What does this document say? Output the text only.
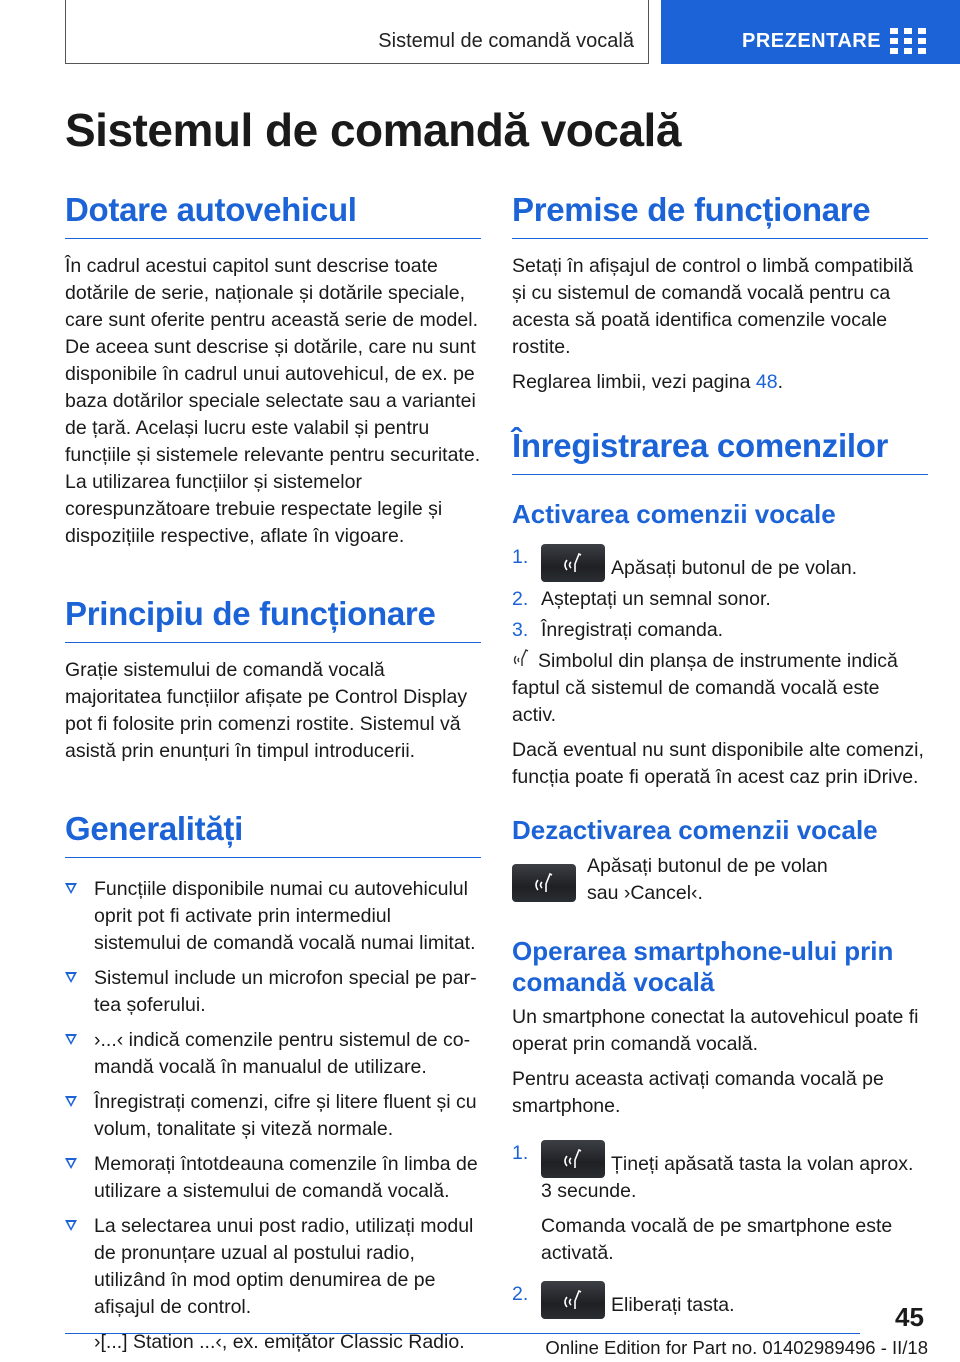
Sistemul de comandă vocală	PREZENTARE
Sistemul de comandă vocală
Dotare autovehicul

În cadrul acestui capitol sunt descrise toate dotările de serie, naționale și dotările speciale, care sunt oferite pentru această serie de model. De aceea sunt descrise și dotările, care nu sunt disponibile în cadrul unui autovehicul, de ex. pe baza dotărilor speciale selectate sau a variantei de țară. Același lucru este valabil și pentru funcțiile și sistemele relevante pentru securitate. La utilizarea funcțiilor și sistemelor corespunzătoare trebuie respectate legile și dispozițiile respective, aflate în vigoare.

Principiu de funcționare

Grație sistemului de comandă vocală majoritatea funcțiilor afișate pe Control Display pot fi folosite prin comenzi rostite. Sistemul vă asistă prin enunțuri în timpul introducerii.

Generalități
Funcțiile disponibile numai cu autovehiculul oprit pot fi activate prin intermediul sistemului de comandă vocală numai limitat.
Sistemul include un microfon special pe partea șoferului.
›...‹ indică comenzile pentru sistemul de comandă vocală în manualul de utilizare.
Înregistrați comenzi, cifre și litere fluent și cu volum, tonalitate și viteză normale.
Memorați întotdeauna comenzile în limba de utilizare a sistemului de comandă vocală.
La selectarea unui post radio, utilizați modul de pronunțare uzual al postului radio, utilizând în mod optim denumirea de pe afișajul de control.
›[...] Station ...‹, ex. emițător Classic Radio.
Premise de funcționare

Setați în afișajul de control o limbă compatibilă și cu sistemul de comandă vocală pentru ca acesta să poată identifica comenzile vocale rostite.

Reglarea limbii, vezi pagina 48.

Înregistrarea comenzilor
Activarea comenzii vocale
1.	Apăsați butonul de pe volan.
2. Așteptați un semnal sonor.
3. Înregistrați comanda.

Simbolul din planșa de instrumente indică faptul că sistemul de comandă vocală este activ.

Dacă eventual nu sunt disponibile alte comenzi, funcția poate fi operată în acest caz prin iDrive.

Dezactivarea comenzii vocale
Apăsați butonul de pe volan
sau ›Cancel‹.
Operarea smartphone-ului prin comandă vocală

Un smartphone conectat la autovehicul poate fi operat prin comandă vocală.

Pentru aceasta activați comanda vocală pe smartphone.

1.	Țineți apăsată tasta la volan aprox.
3 secunde.
Comanda vocală de pe smartphone este activată.
2.	Eliberați tasta.	45
Online Edition for Part no. 01402989496 - II/18
